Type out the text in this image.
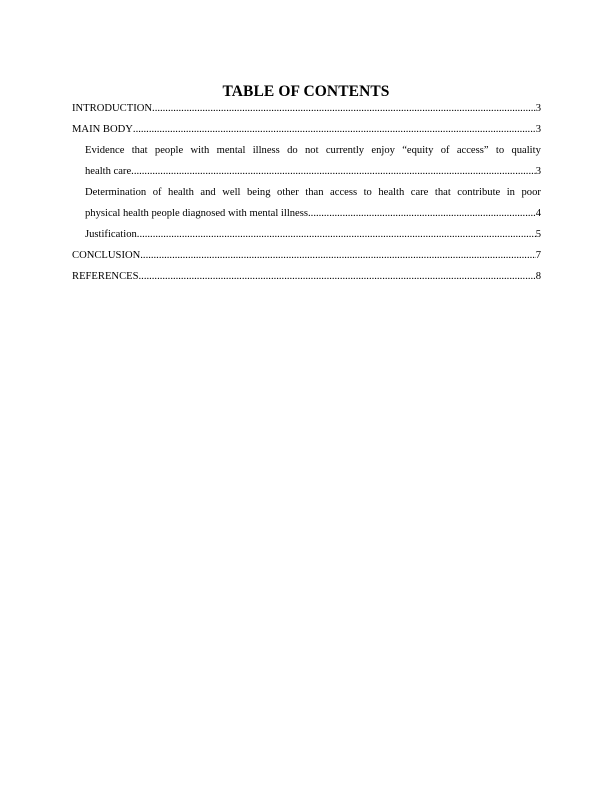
TABLE OF CONTENTS
INTRODUCTION .....	3
MAIN BODY .....	3
Evidence that people with mental illness do not currently enjoy “equity of access” to quality
health care .....	3
Determination of health and well being other than access to health care that contribute in poor
physical health people diagnosed with mental illness .....	4
Justification .....	5
CONCLUSION .....	7
REFERENCES .....	8
